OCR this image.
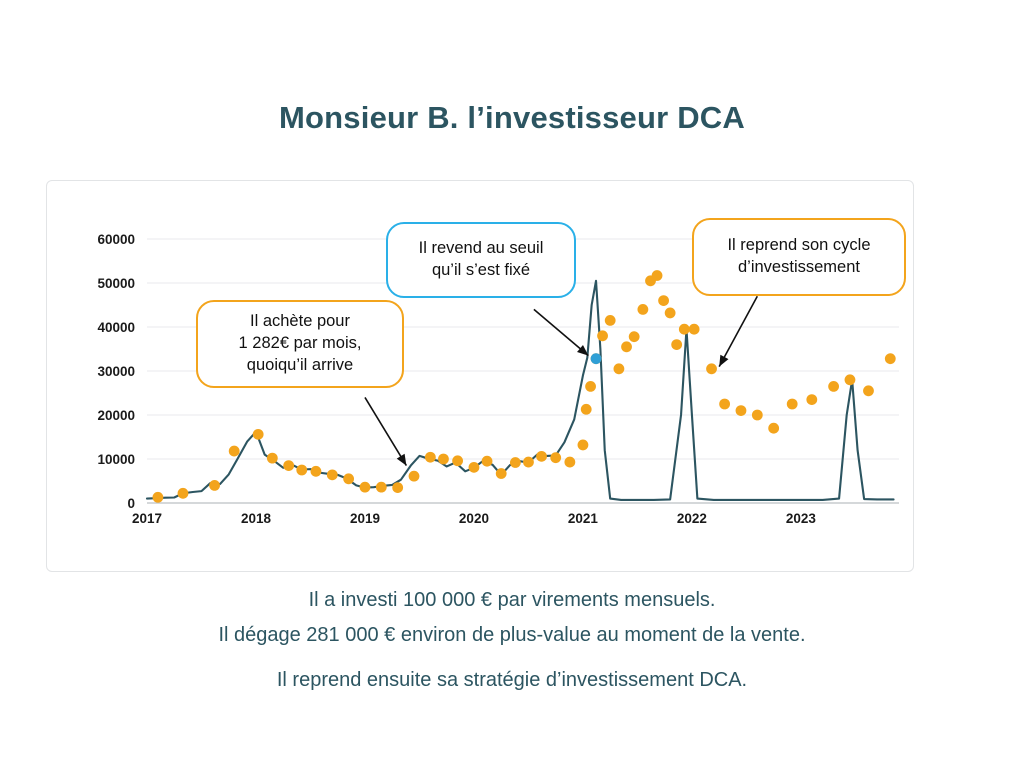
Monsieur B. l’investisseur DCA
0
10000
20000
30000
40000
50000
60000
2017	2018	2019	2020	2021	2022	2023
Il achète pour
1 282€ par mois,
quoiqu’il arrive
Il revend au seuil
qu’il s’est fixé
Il reprend son cycle
d’investissement
Il a investi 100 000 € par virements mensuels.
Il dégage 281 000 € environ de plus-value au moment de la vente.
Il reprend ensuite sa stratégie d’investissement DCA.
